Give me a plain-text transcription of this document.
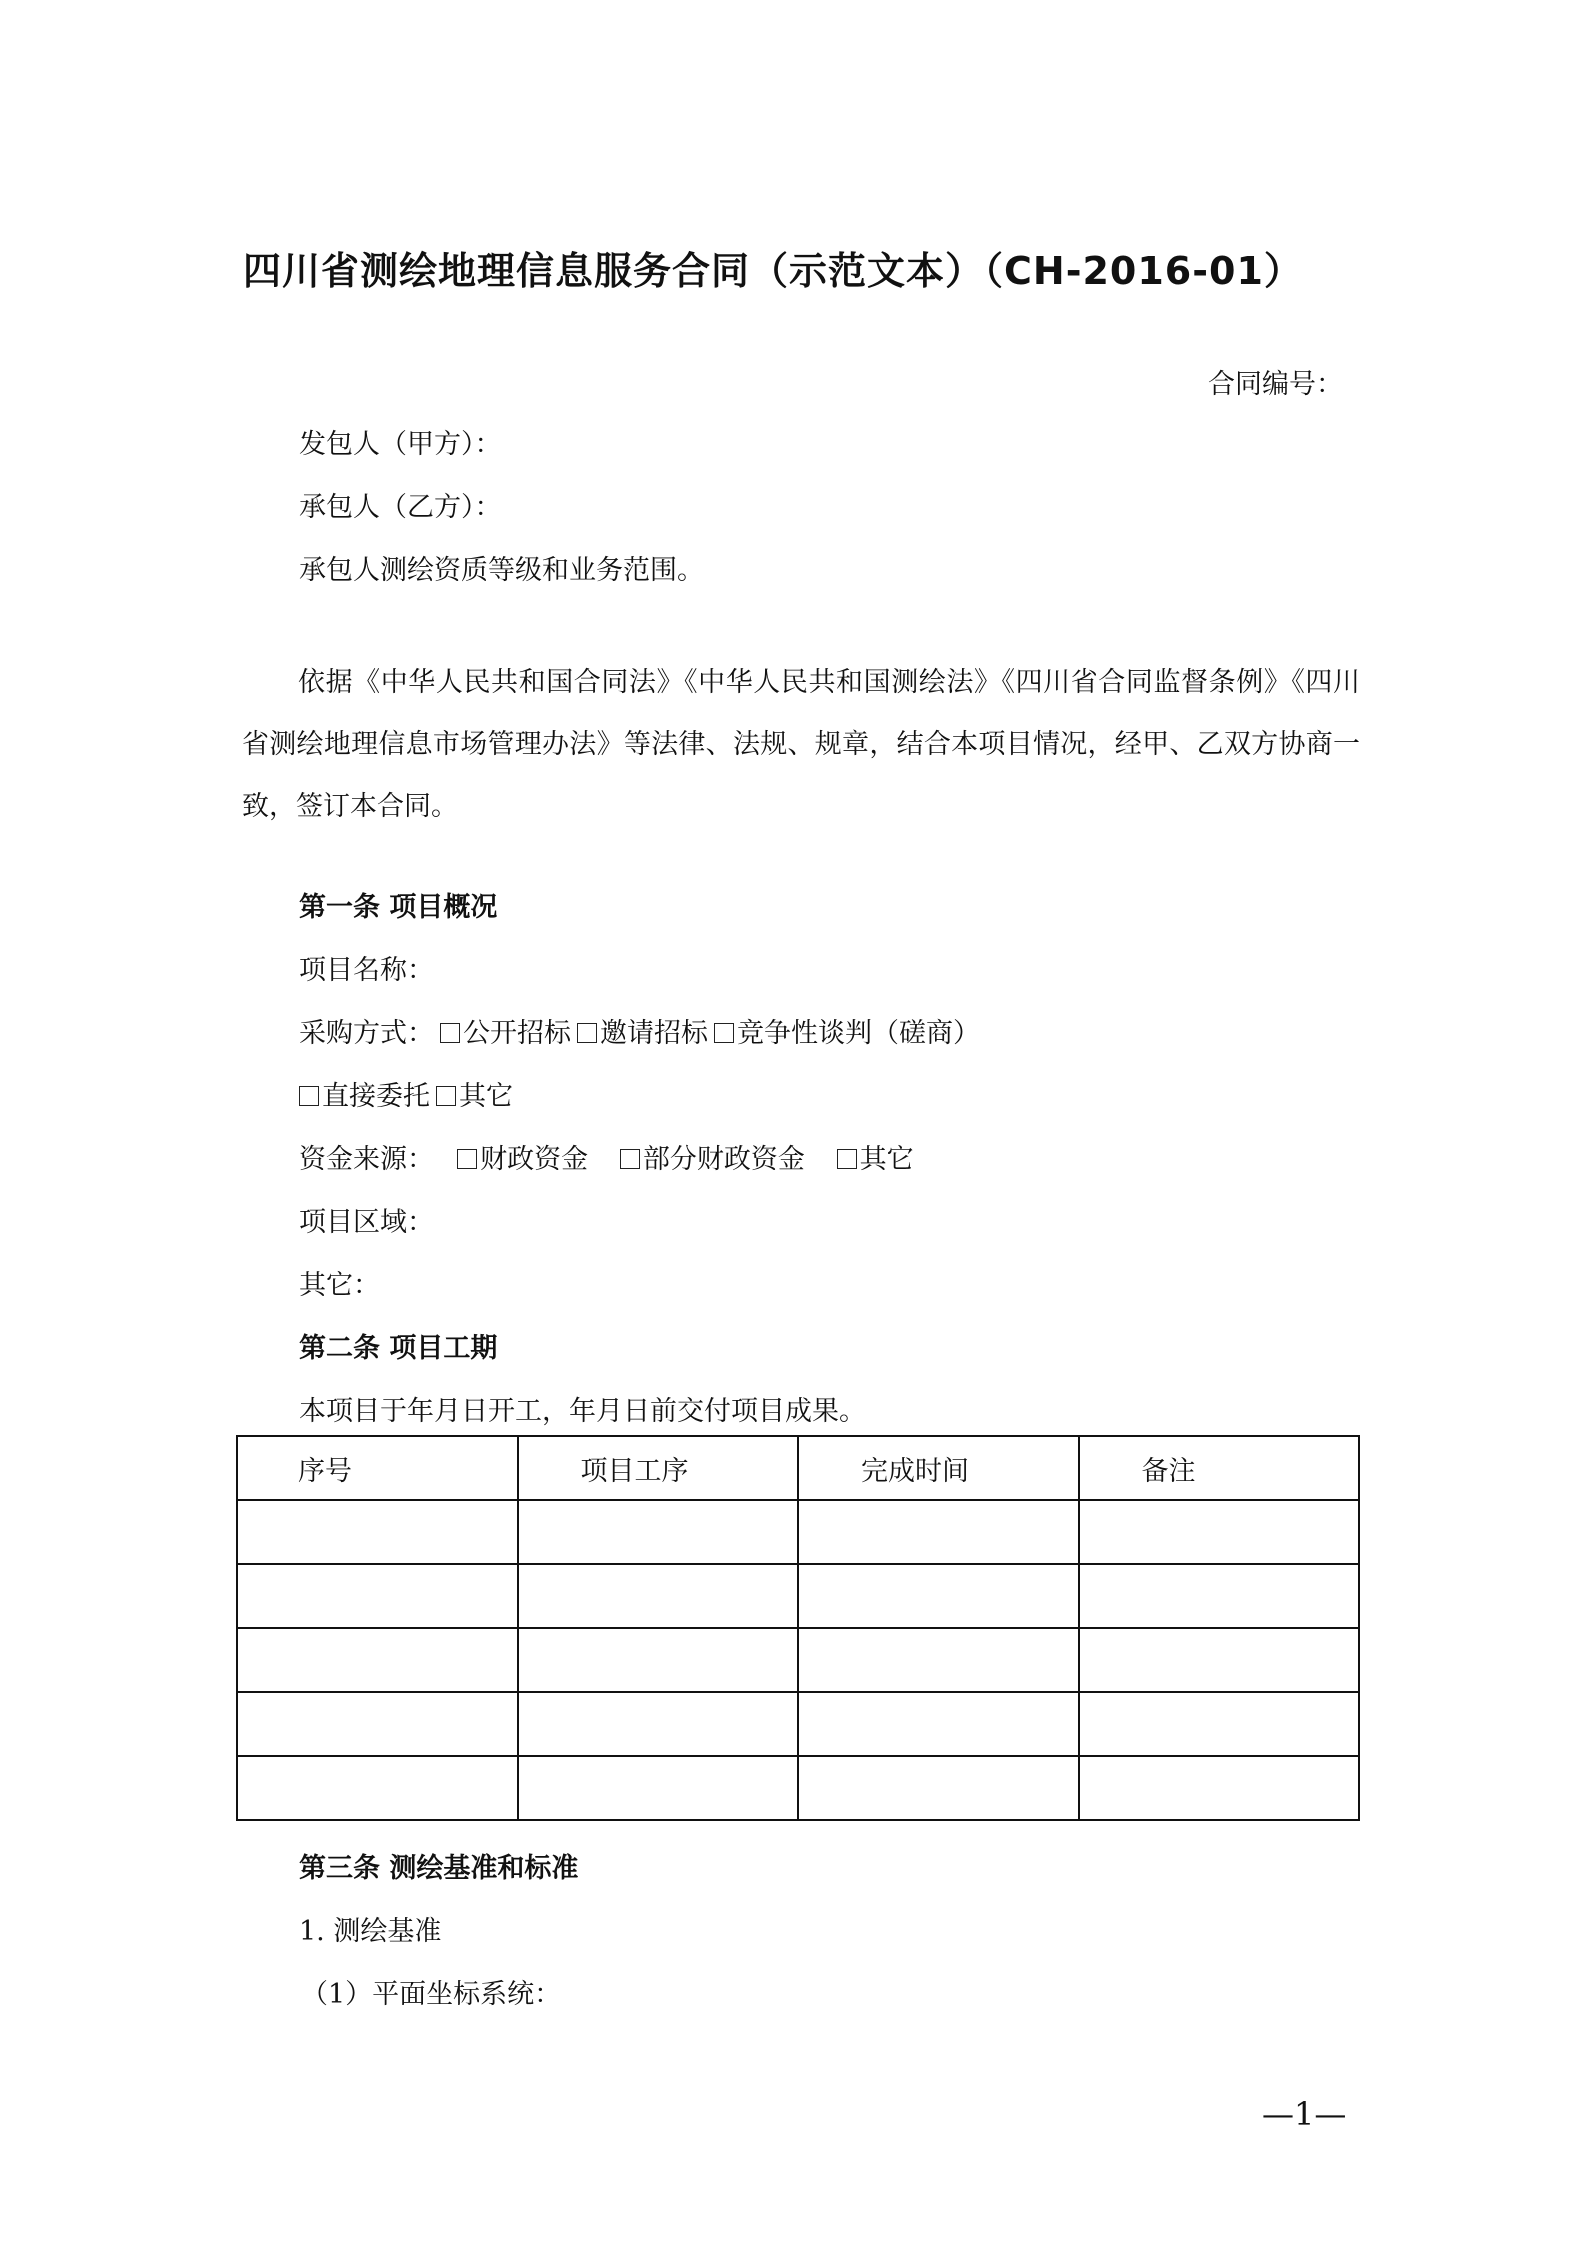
四川省测绘地理信息服务合同（示范文本）（CH-2016-01）
合同编号：
发包人（甲方）：
承包人（乙方）：
承包人测绘资质等级和业务范围。
依据《中华人民共和国合同法》《中华人民共和国测绘法》《四川省合同监督条例》《四川省测绘地理信息市场管理办法》等法律、法规、规章，结合本项目情况，经甲、乙双方协商一致，签订本合同。
第一条 项目概况
项目名称：
采购方式： 公开招标 邀请招标 竞争性谈判（磋商）
直接委托 其它
资金来源： 财政资金 部分财政资金 其它
项目区域：
其它：
第二条 项目工期
本项目于年月日开工，年月日前交付项目成果。
序号	项目工序	完成时间	备注

第三条 测绘基准和标准
1. 测绘基准
（1）平面坐标系统：
—1—
